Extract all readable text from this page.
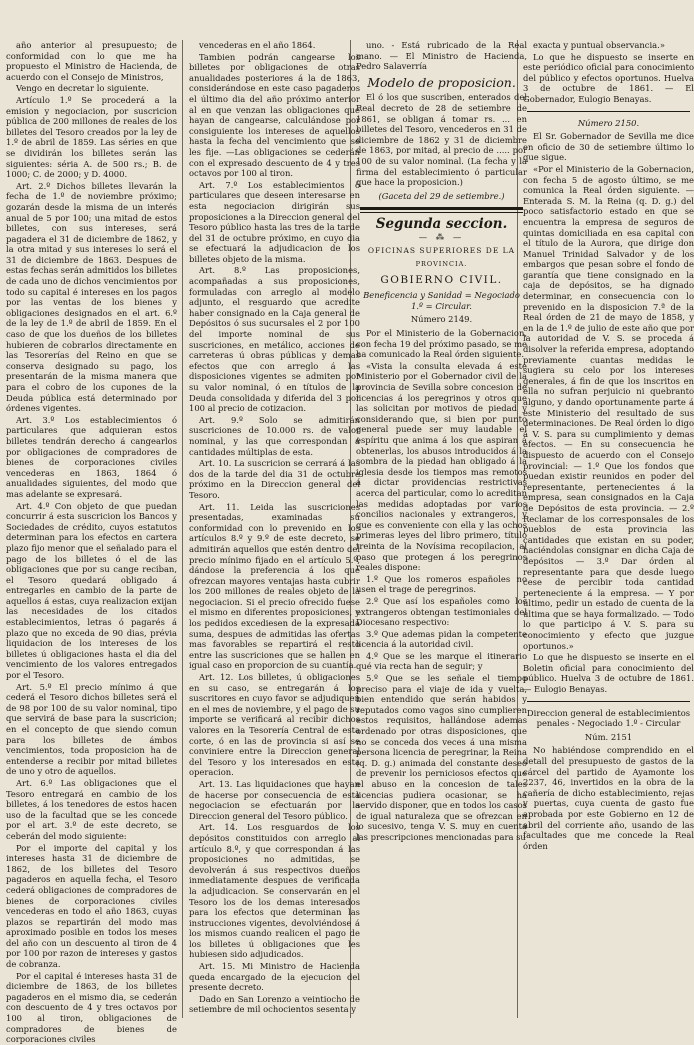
año anterior al presupuesto; de conformidad con lo que me ha propuesto el Ministro de Hacienda, de acuerdo con el Consejo de Ministros,

Vengo en decretar lo siguiente.

Artículo 1.º Se procederá a la emision y negociacion, por suscricion pública de 200 millones de reales de los billetes del Tesoro creados por la ley de 1.º de abril de 1859. Las séries en que se dividirán los billetes serán las siguientes: séria A. de 500 rs.; B. de 1000; C. de 2000; y D. 4000.

Art. 2.º Dichos billetes llevarán la fecha de 1.º de noviembre próximo; gozarán desde la misma de un interés anual de 5 por 100; una mitad de estos billetes, con sus intereses, será pagadera el 31 de diciembre de 1862, y la otra mitad y sus intereses lo será el 31 de diciembre de 1863. Despues de estas fechas serán admitidos los billetes de cada uno de dichos vencimientos por todo su capital é intereses en los pagos por las ventas de los bienes y obligaciones designados en el art. 6.º de la ley de 1.º de abril de 1859. En el caso de que los dueños de los billetes hubieren de cobrarlos directamente en las Tesorerías del Reino en que se conserva designado su pago, los presentarán de la misma manera que para el cobro de los cupones de la Deuda pública está determinado por órdenes vigentes.

Art. 3.º Los establecimientos ó particulares que adquieran estos billetes tendrán derecho á cangearlos por obligaciones de compradores de bienes de corporaciones civiles vencederas en 1863, 1864 ó anualidades siguientes, del modo que mas adelante se expresará.

Art. 4.º Con objeto de que puedan concurrir á esta suscricion los Bancos y Sociedades de crédito, cuyos estatutos determinan para los efectos en cartera plazo fijo menor que el señalado para el pago de los billetes ó el de las obligaciones que por su cange reciban, el Tesoro quedará obligado á entregarles en cambio de la parte de aquellos á estas, cuya realizacion exijan las necesidades de los citados establecimientos, letras ó pagarés á plazo que no exceda de 90 dias, prévia liquidacion de los intereses de los billetes ú obligaciones hasta el dia del vencimiento de los valores entregados por el Tesoro.

Art. 5.º El precio mínimo á que cederá el Tesoro dichos billetes será el de 98 por 100 de su valor nominal, tipo que servirá de base para la suscricion; en el concepto de que siendo comun para los billetes de ámbos vencimientos, toda proposicion ha de entenderse a recibir por mitad billetes de uno y otro de aquellos.

Art. 6.º Las obligaciones que el Tesoro entregará en cambio de los billetes, á los tenedores de estos hacen uso de la facultad que se les concede por el art. 3.º de este decreto, se ceberán del modo siguiente:

Por el importe del capital y los intereses hasta 31 de diciembre de 1862, de los billetes del Tesoro pagaderos en aquella fecha, el Tesoro cederá obligaciones de compradores de bienes de corporaciones civiles vencederas en todo el año 1863, cuyas plazos se repartirán del modo mas aproximado posible en todos los meses del año con un descuento al tiron de 4 por 100 por razon de intereses y gastos de cobranza.

Por el capital é intereses hasta 31 de diciembre de 1863, de los billetes pagaderos en el mismo dia, se cederán con descuento de 4 y tres octavos por 100 al tiron, obligaciones de compradores de bienes de corporaciones civiles

vencederas en el año 1864.

Tambien podrán cangearse los billetes por obligaciones de otras anualidades posteriores á la de 1863, considerándose en este caso pagaderos el último dia del año próximo anterior al en que venzan las obligaciones que hayan de cangearse, calculándose por consiguiente los intereses de aquellos hasta la fecha del vencimiento que se les fije. —Las obligaciones se cederán con el expresado descuento de 4 y tres octavos por 100 al tiron.

Art. 7.º Los establecimientos ó particulares que deseen interesarse en esta negociacion dirigirán sus proposiciones a la Direccion general del Tesoro público hasta las tres de la tarde del 31 de octubre próximo, en cuyo dia se efectuará la adjudicacion de los billetes objeto de la misma.

Art. 8.º Las proposiciones, acompañadas a sus proposiciones, formuladas con arreglo al modelo adjunto, el resguardo que acredite haber consignado en la Caja general de Depósitos ó sus sucursales el 2 por 100 del importe nominal de sus suscriciones, en metálico, acciones de carreteras ú obras públicas y demas efectos que con arreglo á las disposiciones vigentes se admiten por su valor nominal, ó en títulos de la Deuda consolidada y diferida del 3 por 100 al precio de cotizacion.

Art. 9.º Solo se admitirán suscriciones de 10.000 rs. de valor nominal, y las que correspondan á cantidades múltiplas de esta.

Art. 10. La suscricion se cerrará á las dos de la tarde del dia 31 de octubre próximo en la Direccion general del Tesoro.

Art. 11. Leida las suscriciones presentadas, examinadas su conformidad con lo prevenido en los artículos 8.º y 9.º de este decreto, se admitirán aquellos que estén dentro del precio mínimo fijado en el artículo 5.º, dándose la preferencia á los que ofrezcan mayores ventajas hasta cubrir los 200 millones de reales objeto de la negociacion. Si el precio ofrecido fuese el mismo en diferentes proposiciones, y los pedidos excediesen de la expresada suma, despues de admitidas las ofertas mas favorables se repartirá el resto entre las suscriciones que se hallen en igual caso en proporcion de su cuantía.

Art. 12. Los billetes, ú obligaciones en su caso, se entregarán á los suscritores en cuyo favor se adjudiquen en el mes de noviembre, y el pago de su importe se verificará al recibir dichos valores en la Tesorería Central de esta corte, ó en las de provincia si así se conviniere entre la Direccion general del Tesoro y los interesados en esta operacion.

Art. 13. Las liquidaciones que hayan de hacerse por consecuencia de esta negociacion se efectuarán por la Direccion general del Tesoro público.

Art. 14. Los resguardos de los depósitos constituidos con arreglo al artículo 8.º, y que correspondan á las proposiciones no admitidas, se devolverán á sus respectivos dueños inmediatamente despues de verificada la adjudicacion. Se conservarán en el Tesoro los de los demas interesados para los efectos que determinan las instrucciones vigentes, devolviéndose á los mismos cuando realicen el pago de los billetes ú obligaciones que les hubiesen sido adjudicados.

Art. 15. Mi Ministro de Hacienda queda encargado de la ejecucion del presente decreto.

Dado en San Lorenzo a veintiocho de setiembre de mil ochocientos sesenta y

uno. - Está rubricado de la Real mano. — El Ministro de Hacienda, Pedro Salaverría

Modelo de proposicion.

El ó los que suscriben, enterados del Real decreto de 28 de setiembre de 1861, se obligan á tomar rs. ... en billetes del Tesoro, vencederos en 31 de diciembre de 1862 y 31 de diciembre de 1863, por mitad, al precio de ..... por 100 de su valor nominal. (La fecha y la firma del establecimiento ó particular que hace la proposicion.)

(Gaceta del 29 de setiembre.)

Segunda seccion.

— ⁂ —

OFICINAS SUPERIORES DE LA

PROVINCIA.

GOBIERNO CIVIL.

Beneficencia y Sanidad = Negociado 1.º = Circular.

Número 2149.

Por el Ministerio de la Gobernacion, con fecha 19 del próximo pasado, se me ha comunicado la Real órden siguiente.

«Vista la consulta elevada á este Ministerio por el Gobernador civil de la provincia de Sevilla sobre concesion de licencias á los peregrinos y otros que las solicitan por motivos de piedad y considerando que, si bien por punto general puede ser muy laudable el espíritu que anima á los que aspiran á obtenerlas, los abusos introducidos á la sombra de la piedad han obligado á la iglesia desde los tiempos mas remotos á dictar providencias restrictivas acerca del particular, como lo acreditan las medidas adoptadas por varios concilios nacionales y extrangeros, y que es conveniente con ella y las ochos primeras leyes del libro primero, título treinta de la Novísima recopilacion, al paso que protegen á los peregrinos reales dispone:

1.º Que los romeros españoles no usen el trage de peregrinos.

2.º Que así los españoles como los extrangeros obtengan testimoniales del Diocesano respectivo:

3.º Que ademas pidan la competente licencia á la autoridad civil.

4.º Que se les marque el itinerario qué via recta han de seguir; y

5.º Que se les señale el tiempo preciso para el viaje de ida y vuelta, bien entendido que serán habidos y reputados como vagos sino cumplieren estos requisitos, hallándose ademas ordenado por otras disposiciones, que no se conceda dos veces á una misma persona licencia de peregrinar, la Reina (q. D. g.) animada del constante deseo de prevenir los perniciosos efectos que el abuso en la concesion de tales licencias pudiera ocasionar, se ha servido disponer, que en todos los casos de igual naturaleza que se ofrezcan en lo sucesivo, tenga V. S. muy en cuenta las prescripciones mencionadas para su

exacta y puntual observancia.»

Lo que he dispuesto se inserte en este periódico oficial para conocimiento del público y efectos oportunos. Huelva 3 de octubre de 1861. — El Gobernador, Eulogio Benayas.

Número 2150.

El Sr. Gobernador de Sevilla me dice en oficio de 30 de setiembre último lo que sigue.

«Por el Ministerio de la Gobernacion, con fecha 5 de agosto último, se me comunica la Real órden siguiente. — Enterada S. M. la Reina (q. D. g.) del poco satisfactorio estado en que se encuentra la empresa de seguros de quintas domiciliada en esa capital con el título de la Aurora, que dirige don Manuel Trinidad Salvador y de los embargos que pesan sobre el fondo de garantía que tiene consignado en la caja de depósitos, se ha dignado determinar, en consecuencia con lo prevenido en la disposicion 7.ª de la Real órden de 21 de mayo de 1858, y en la de 1.º de julio de este año que por la autoridad de V. S. se proceda á disolver la referida empresa, adoptando previamente cuantas medidas le sugiera su celo por los intereses generales, á fin de que los inscritos en ella no sufran perjuicio ni quebranto alguno, y dando oportunamente parte á este Ministerio del resultado de sus determinaciones. De Real órden lo digo á V. S. para su cumplimiento y demas efectos. — En su consecuencia he dispuesto de acuerdo con el Consejo provincial: — 1.º Que los fondos que puedan existir reunidos en poder del representante, pertenecientes á la empresa, sean consignados en la Caja de Depósitos de esta provincia. — 2.º Reclamar de los corresponsales de los pueblos de esta provincia las cantidades que existan en su poder, haciéndolas consignar en dicha Caja de depósitos — 3.º Dar órden al representante para que desde luego cese de percibir toda cantidad perteneciente á la empresa. — Y por último, pedir un estado de cuenta de la última que se haya formalizado. — Todo lo que participo á V. S. para su conocimiento y efecto que juzgue oportunos.»

Lo que he dispuesto se inserte en el Boletin oficial para conocimiento del público. Huelva 3 de octubre de 1861. — Eulogio Benayas.

Direccion general de establecimientos penales - Negociado 1.º - Circular

Núm. 2151

No habiéndose comprendido en el detall del presupuesto de gastos de la cárcel del partido de Ayamonte los 2237, 46, invertidos en la obra de la cañería de dicho establecimiento, rejas y puertas, cuya cuenta de gasto fue aprobada por este Gobierno en 12 de abril del corriente año, usando de las facultades que me concede la Real órden
